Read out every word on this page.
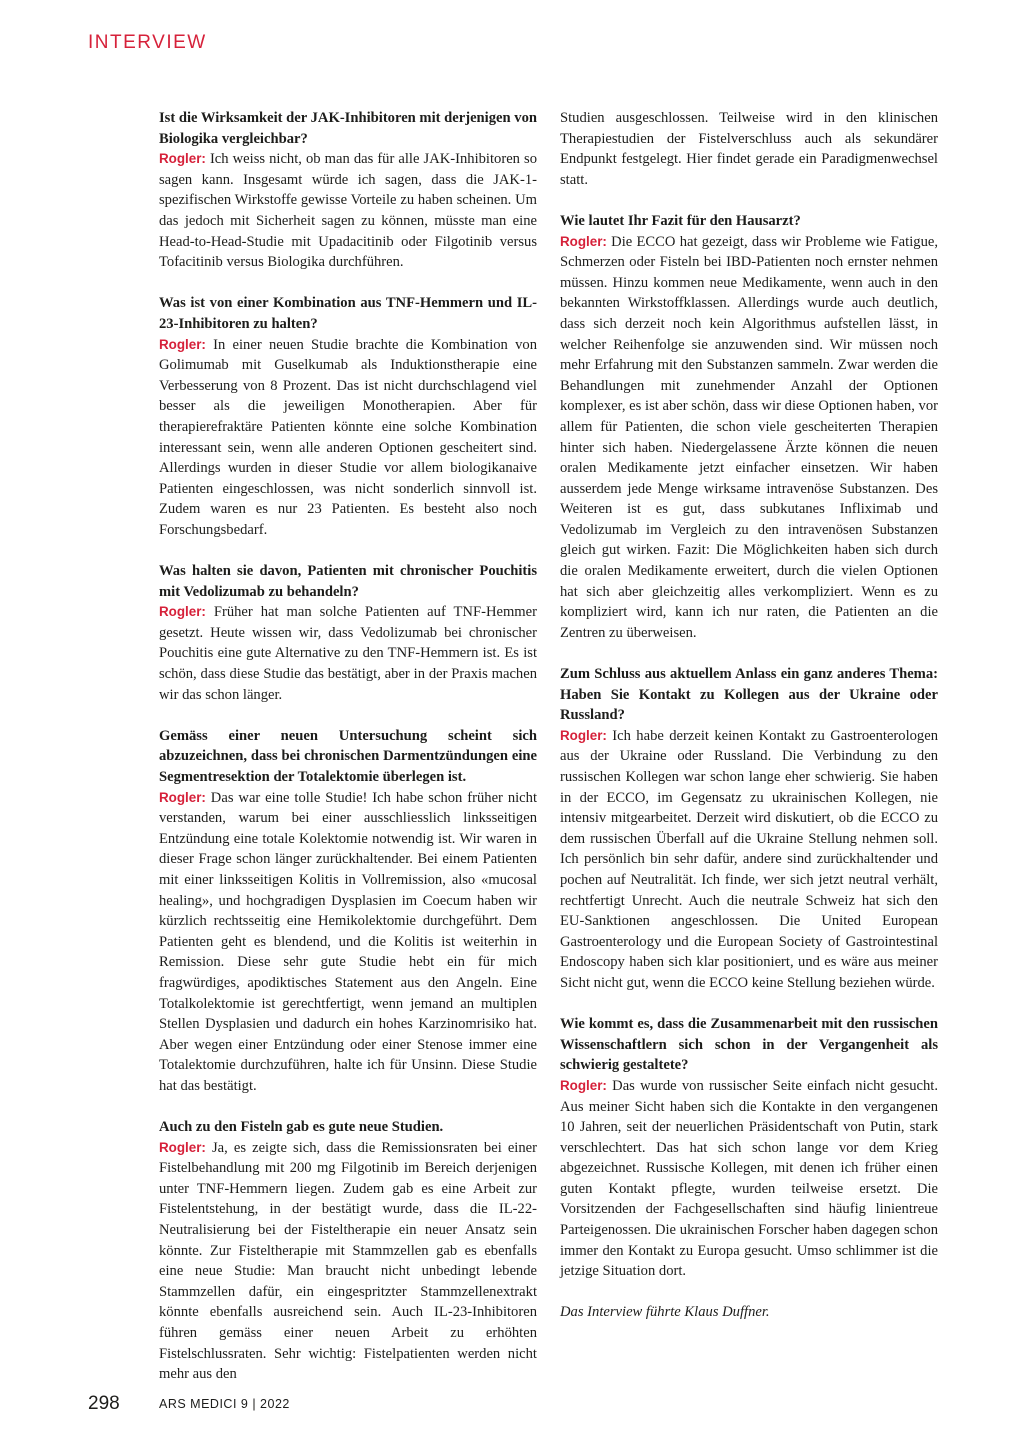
INTERVIEW

Ist die Wirksamkeit der JAK-Inhibitoren mit derjenigen von Biologika vergleichbar?

Rogler: Ich weiss nicht, ob man das für alle JAK-Inhibitoren so sagen kann. Insgesamt würde ich sagen, dass die JAK-1-spezifischen Wirkstoffe gewisse Vorteile zu haben scheinen. Um das jedoch mit Sicherheit sagen zu können, müsste man eine Head-to-Head-Studie mit Upadacitinib oder Filgotinib versus Tofacitinib versus Biologika durchführen.

Was ist von einer Kombination aus TNF-Hemmern und IL-23-Inhibitoren zu halten?

Rogler: In einer neuen Studie brachte die Kombination von Golimumab mit Guselkumab als Induktionstherapie eine Verbesserung von 8 Prozent. Das ist nicht durchschlagend viel besser als die jeweiligen Monotherapien. Aber für therapierefraktäre Patienten könnte eine solche Kombination interessant sein, wenn alle anderen Optionen gescheitert sind. Allerdings wurden in dieser Studie vor allem biologikanaive Patienten eingeschlossen, was nicht sonderlich sinnvoll ist. Zudem waren es nur 23 Patienten. Es besteht also noch Forschungsbedarf.

Was halten sie davon, Patienten mit chronischer Pouchitis mit Vedolizumab zu behandeln?

Rogler: Früher hat man solche Patienten auf TNF-Hemmer gesetzt. Heute wissen wir, dass Vedolizumab bei chronischer Pouchitis eine gute Alternative zu den TNF-Hemmern ist. Es ist schön, dass diese Studie das bestätigt, aber in der Praxis machen wir das schon länger.

Gemäss einer neuen Untersuchung scheint sich abzuzeichnen, dass bei chronischen Darmentzündungen eine Segmentresektion der Totalektomie überlegen ist.

Rogler: Das war eine tolle Studie! Ich habe schon früher nicht verstanden, warum bei einer ausschliesslich linksseitigen Entzündung eine totale Kolektomie notwendig ist. Wir waren in dieser Frage schon länger zurückhaltender. Bei einem Patienten mit einer linksseitigen Kolitis in Vollremission, also «mucosal healing», und hochgradigen Dysplasien im Coecum haben wir kürzlich rechtsseitig eine Hemikolektomie durchgeführt. Dem Patienten geht es blendend, und die Kolitis ist weiterhin in Remission. Diese sehr gute Studie hebt ein für mich fragwürdiges, apodiktisches Statement aus den Angeln. Eine Totalkolektomie ist gerechtfertigt, wenn jemand an multiplen Stellen Dysplasien und dadurch ein hohes Karzinomrisiko hat. Aber wegen einer Entzündung oder einer Stenose immer eine Totalektomie durchzuführen, halte ich für Unsinn. Diese Studie hat das bestätigt.

Auch zu den Fisteln gab es gute neue Studien.

Rogler: Ja, es zeigte sich, dass die Remissionsraten bei einer Fistelbehandlung mit 200 mg Filgotinib im Bereich derjenigen unter TNF-Hemmern liegen. Zudem gab es eine Arbeit zur Fistelentstehung, in der bestätigt wurde, dass die IL-22-Neutralisierung bei der Fisteltherapie ein neuer Ansatz sein könnte. Zur Fisteltherapie mit Stammzellen gab es ebenfalls eine neue Studie: Man braucht nicht unbedingt lebende Stammzellen dafür, ein eingespritzter Stammzellenextrakt könnte ebenfalls ausreichend sein. Auch IL-23-Inhibitoren führen gemäss einer neuen Arbeit zu erhöhten Fistelschlussraten. Sehr wichtig: Fistelpatienten werden nicht mehr aus den

Studien ausgeschlossen. Teilweise wird in den klinischen Therapiestudien der Fistelverschluss auch als sekundärer Endpunkt festgelegt. Hier findet gerade ein Paradigmenwechsel statt.

Wie lautet Ihr Fazit für den Hausarzt?

Rogler: Die ECCO hat gezeigt, dass wir Probleme wie Fatigue, Schmerzen oder Fisteln bei IBD-Patienten noch ernster nehmen müssen. Hinzu kommen neue Medikamente, wenn auch in den bekannten Wirkstoffklassen. Allerdings wurde auch deutlich, dass sich derzeit noch kein Algorithmus aufstellen lässt, in welcher Reihenfolge sie anzuwenden sind. Wir müssen noch mehr Erfahrung mit den Substanzen sammeln. Zwar werden die Behandlungen mit zunehmender Anzahl der Optionen komplexer, es ist aber schön, dass wir diese Optionen haben, vor allem für Patienten, die schon viele gescheiterten Therapien hinter sich haben. Niedergelassene Ärzte können die neuen oralen Medikamente jetzt einfacher einsetzen. Wir haben ausserdem jede Menge wirksame intravenöse Substanzen. Des Weiteren ist es gut, dass subkutanes Infliximab und Vedolizumab im Vergleich zu den intravenösen Substanzen gleich gut wirken. Fazit: Die Möglichkeiten haben sich durch die oralen Medikamente erweitert, durch die vielen Optionen hat sich aber gleichzeitig alles verkompliziert. Wenn es zu kompliziert wird, kann ich nur raten, die Patienten an die Zentren zu überweisen.

Zum Schluss aus aktuellem Anlass ein ganz anderes Thema: Haben Sie Kontakt zu Kollegen aus der Ukraine oder Russland?

Rogler: Ich habe derzeit keinen Kontakt zu Gastroenterologen aus der Ukraine oder Russland. Die Verbindung zu den russischen Kollegen war schon lange eher schwierig. Sie haben in der ECCO, im Gegensatz zu ukrainischen Kollegen, nie intensiv mitgearbeitet. Derzeit wird diskutiert, ob die ECCO zu dem russischen Überfall auf die Ukraine Stellung nehmen soll. Ich persönlich bin sehr dafür, andere sind zurückhaltender und pochen auf Neutralität. Ich finde, wer sich jetzt neutral verhält, rechtfertigt Unrecht. Auch die neutrale Schweiz hat sich den EU-Sanktionen angeschlossen. Die United European Gastroenterology und die European Society of Gastrointestinal Endoscopy haben sich klar positioniert, und es wäre aus meiner Sicht nicht gut, wenn die ECCO keine Stellung beziehen würde.

Wie kommt es, dass die Zusammenarbeit mit den russischen Wissenschaftlern sich schon in der Vergangenheit als schwierig gestaltete?

Rogler: Das wurde von russischer Seite einfach nicht gesucht. Aus meiner Sicht haben sich die Kontakte in den vergangenen 10 Jahren, seit der neuerlichen Präsidentschaft von Putin, stark verschlechtert. Das hat sich schon lange vor dem Krieg abgezeichnet. Russische Kollegen, mit denen ich früher einen guten Kontakt pflegte, wurden teilweise ersetzt. Die Vorsitzenden der Fachgesellschaften sind häufig linientreue Parteigenossen. Die ukrainischen Forscher haben dagegen schon immer den Kontakt zu Europa gesucht. Umso schlimmer ist die jetzige Situation dort.

Das Interview führte Klaus Duffner.

298	ARS MEDICI 9 | 2022
